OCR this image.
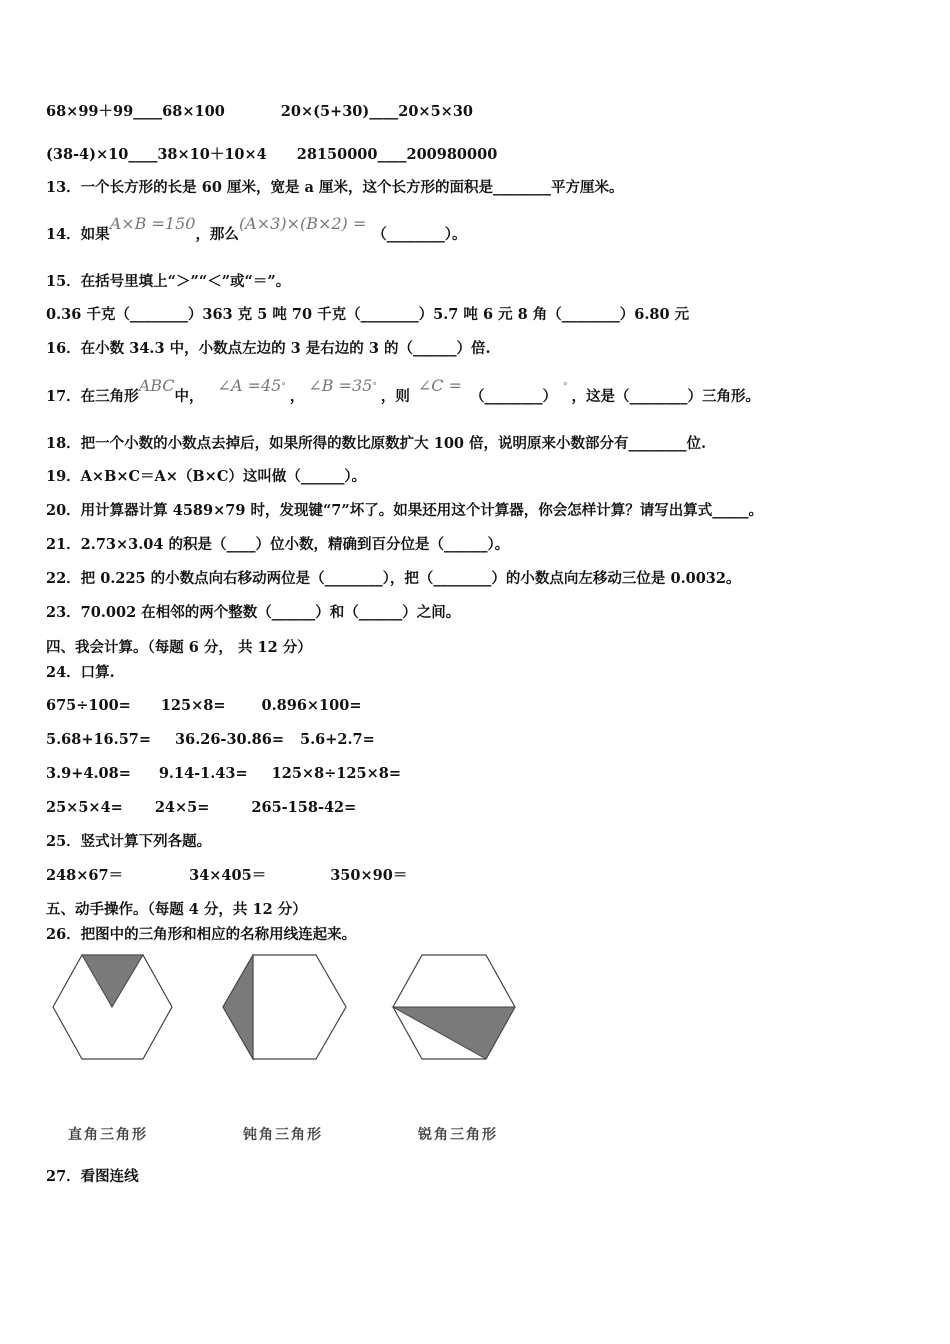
68×99＋99____68×100	20×(5+30)____20×5×30
(38-4)×10____38×10＋10×4 28150000____200980000
13．一个长方形的长是 60 厘米，宽是 a 厘米，这个长方形的面积是________平方厘米。
14．如果A×B =150，那么(A×3)×(B×2) =（________）。
15．在括号里填上“＞”“＜”或“＝”。
0.36 千克（________）363 克 5 吨 70 千克（________）5.7 吨 6 元 8 角（________）6.80 元
16．在小数 34.3 中，小数点左边的 3 是右边的 3 的（______）倍.
17．在三角形ABC中，∠A =45°，∠B =35°，则∠C =（________）°，这是（________）三角形。
18．把一个小数的小数点去掉后，如果所得的数比原数扩大 100 倍，说明原来小数部分有________位.
19．A×B×C＝A×（B×C）这叫做（______）。
20．用计算器计算 4589×79 时，发现键“7”坏了。如果还用这个计算器，你会怎样计算？请写出算式_____。
21．2.73×3.04 的积是（____）位小数，精确到百分位是（______）。
22．把 0.225 的小数点向右移动两位是（________），把（________）的小数点向左移动三位是 0.0032。
23．70.002 在相邻的两个整数（______）和（______）之间。
四、我会计算。（每题 6 分， 共 12 分）
24．口算.
675÷100= 125×8= 0.896×100=
5.68+16.57= 36.26-30.86= 5.6+2.7=
3.9+4.08= 9.14-1.43= 125×8÷125×8=
25×5×4= 24×5=	265-158-42=
25．竖式计算下列各题。
248×67＝	34×405＝	350×90＝
五、动手操作。（每题 4 分，共 12 分）
26．把图中的三角形和相应的名称用线连起来。
直角三角形	钝角三角形	锐角三角形
27．看图连线
